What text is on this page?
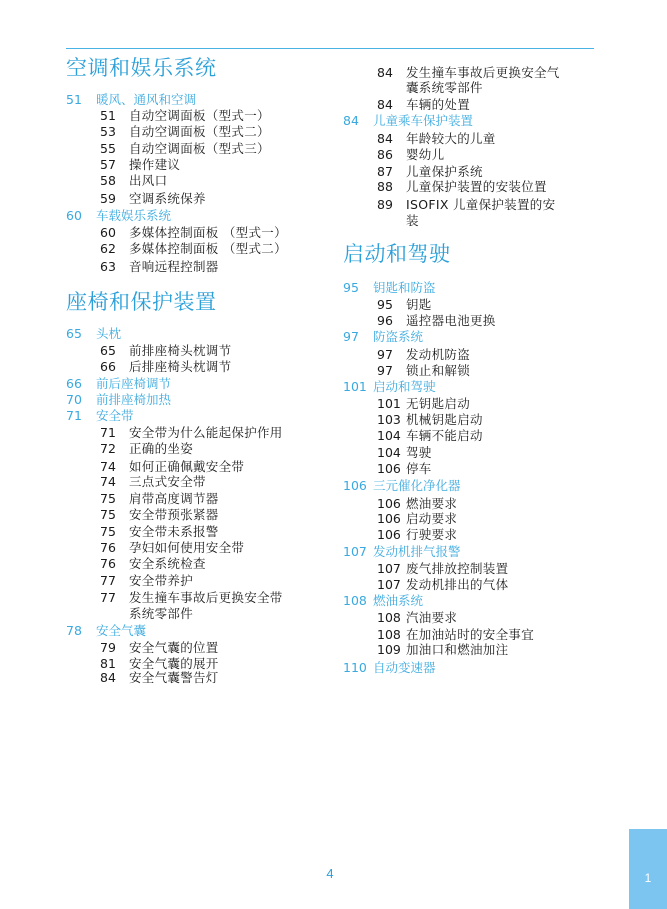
空调和娱乐系统
51 暖风、通风和空调
51 自动空调面板（型式一）
53 自动空调面板（型式二）
55 自动空调面板（型式三）
57 操作建议
58 出风口
59 空调系统保养
60 车载娱乐系统
60 多媒体控制面板 （型式一）
62 多媒体控制面板 （型式二）
63 音响远程控制器
座椅和保护装置
65 头枕
65 前排座椅头枕调节
66 后排座椅头枕调节
66 前后座椅调节
70 前排座椅加热
71 安全带
71 安全带为什么能起保护作用
72 正确的坐姿
74 如何正确佩戴安全带
74 三点式安全带
75 肩带高度调节器
75 安全带预张紧器
75 安全带未系报警
76 孕妇如何使用安全带
76 安全系统检查
77 安全带养护
77 发生撞车事故后更换安全带
系统零部件
78 安全气囊
79 安全气囊的位置
81 安全气囊的展开
84 安全气囊警告灯
84 发生撞车事故后更换安全气
囊系统零部件
84 车辆的处置
84 儿童乘车保护装置
84 年龄较大的儿童
86 婴幼儿
87 儿童保护系统
88 儿童保护装置的安装位置
89 ISOFIX 儿童保护装置的安
装
启动和驾驶
95 钥匙和防盗
95 钥匙
96 遥控器电池更换
97 防盗系统
97 发动机防盗
97 锁止和解锁
101 启动和驾驶
101 无钥匙启动
103 机械钥匙启动
104 车辆不能启动
104 驾驶
106 停车
106 三元催化净化器
106 燃油要求
106 启动要求
106 行驶要求
107 发动机排气报警
107 废气排放控制装置
107 发动机排出的气体
108 燃油系统
108 汽油要求
108 在加油站时的安全事宜
109 加油口和燃油加注
110 自动变速器
4	1
